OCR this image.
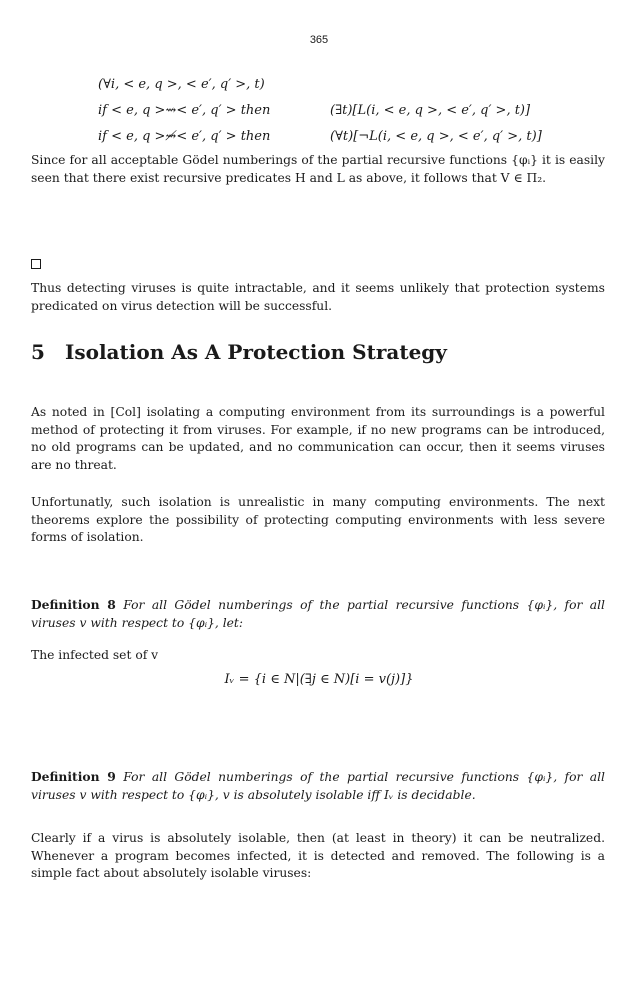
365
(∀i, < e, q >, < e′, q′ >, t)
if < e, q >⇝< e′, q′ > then	(∃t)[L(i, < e, q >, < e′, q′ >, t)]
if < e, q >⇝̸< e′, q′ > then	(∀t)[¬L(i, < e, q >, < e′, q′ >, t)]

Since for all acceptable Gödel numberings of the partial recursive functions {φᵢ} it is easily seen that there exist recursive predicates H and L as above, it follows that V ∈ Π₂.

Thus detecting viruses is quite intractable, and it seems unlikely that protection systems predicated on virus detection will be successful.

5 Isolation As A Protection Strategy

As noted in [Col] isolating a computing environment from its surroundings is a powerful method of protecting it from viruses. For example, if no new programs can be introduced, no old programs can be updated, and no communication can occur, then it seems viruses are no threat.

Unfortunatly, such isolation is unrealistic in many computing environments. The next theorems explore the possibility of protecting computing environments with less severe forms of isolation.

Definition 8 For all Gödel numberings of the partial recursive functions {φᵢ}, for all viruses v with respect to {φᵢ}, let:

The infected set of v

Iᵥ = {i ∈ N|(∃j ∈ N)[i = v(j)]}

Definition 9 For all Gödel numberings of the partial recursive functions {φᵢ}, for all viruses v with respect to {φᵢ}, v is absolutely isolable iff Iᵥ is decidable.

Clearly if a virus is absolutely isolable, then (at least in theory) it can be neutralized. Whenever a program becomes infected, it is detected and removed. The following is a simple fact about absolutely isolable viruses:
